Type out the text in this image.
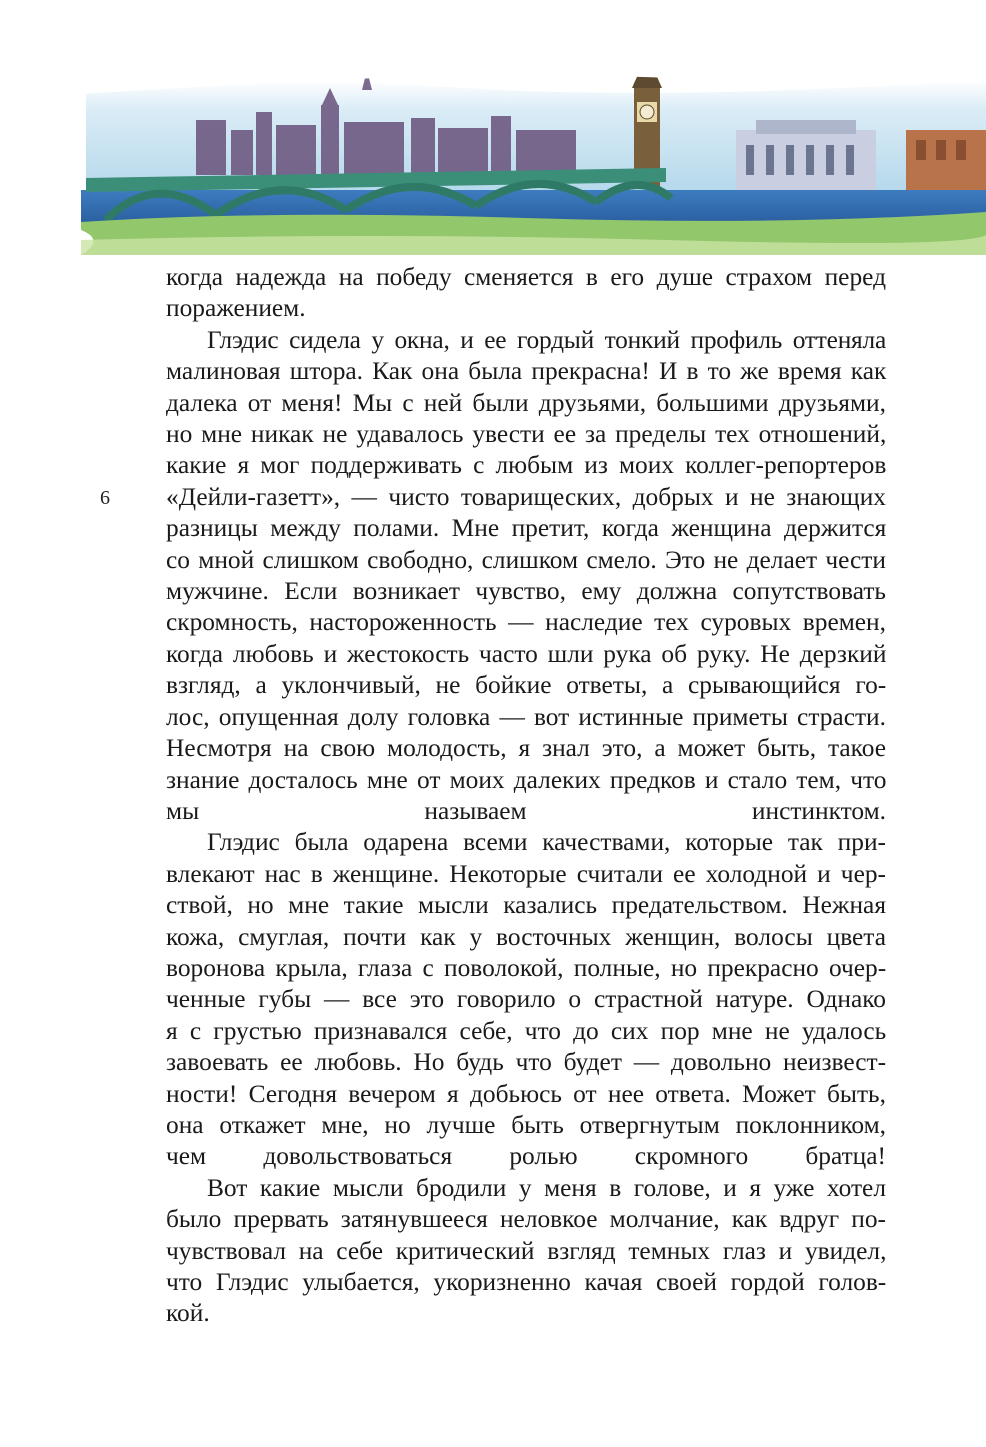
6

когда надежда на победу сменяется в его душе страхом перед
поражением.

Глэдис сидела у окна, и ее гордый тонкий профиль оттеняла
малиновая штора. Как она была прекрасна! И в то же время как
далека от меня! Мы с ней были друзьями, большими друзьями,
но мне никак не удавалось увести ее за пределы тех отношений,
какие я мог поддерживать с любым из моих коллег-репортеров
«Дейли-газетт», — чисто товарищеских, добрых и не знающих
разницы между полами. Мне претит, когда женщина держится
со мной слишком свободно, слишком смело. Это не делает чести
мужчине. Если возникает чувство, ему должна сопутствовать
скромность, настороженность — наследие тех суровых времен,
когда любовь и жестокость часто шли рука об руку. Не дерзкий
взгляд, а уклончивый, не бойкие ответы, а срывающийся го-
лос, опущенная долу головка — вот истинные приметы страсти.
Несмотря на свою молодость, я знал это, а может быть, такое
знание досталось мне от моих далеких предков и стало тем, что
мы называем инстинктом.

Глэдис была одарена всеми качествами, которые так при-
влекают нас в женщине. Некоторые считали ее холодной и чер-
ствой, но мне такие мысли казались предательством. Нежная
кожа, смуглая, почти как у восточных женщин, волосы цвета
воронова крыла, глаза с поволокой, полные, но прекрасно очер-
ченные губы — все это говорило о страстной натуре. Однако
я с грустью признавался себе, что до сих пор мне не удалось
завоевать ее любовь. Но будь что будет — довольно неизвест-
ности! Сегодня вечером я добьюсь от нее ответа. Может быть,
она откажет мне, но лучше быть отвергнутым поклонником,
чем довольствоваться ролью скромного братца!

Вот какие мысли бродили у меня в голове, и я уже хотел
было прервать затянувшееся неловкое молчание, как вдруг по-
чувствовал на себе критический взгляд темных глаз и увидел,
что Глэдис улыбается, укоризненно качая своей гордой голов-
кой.
